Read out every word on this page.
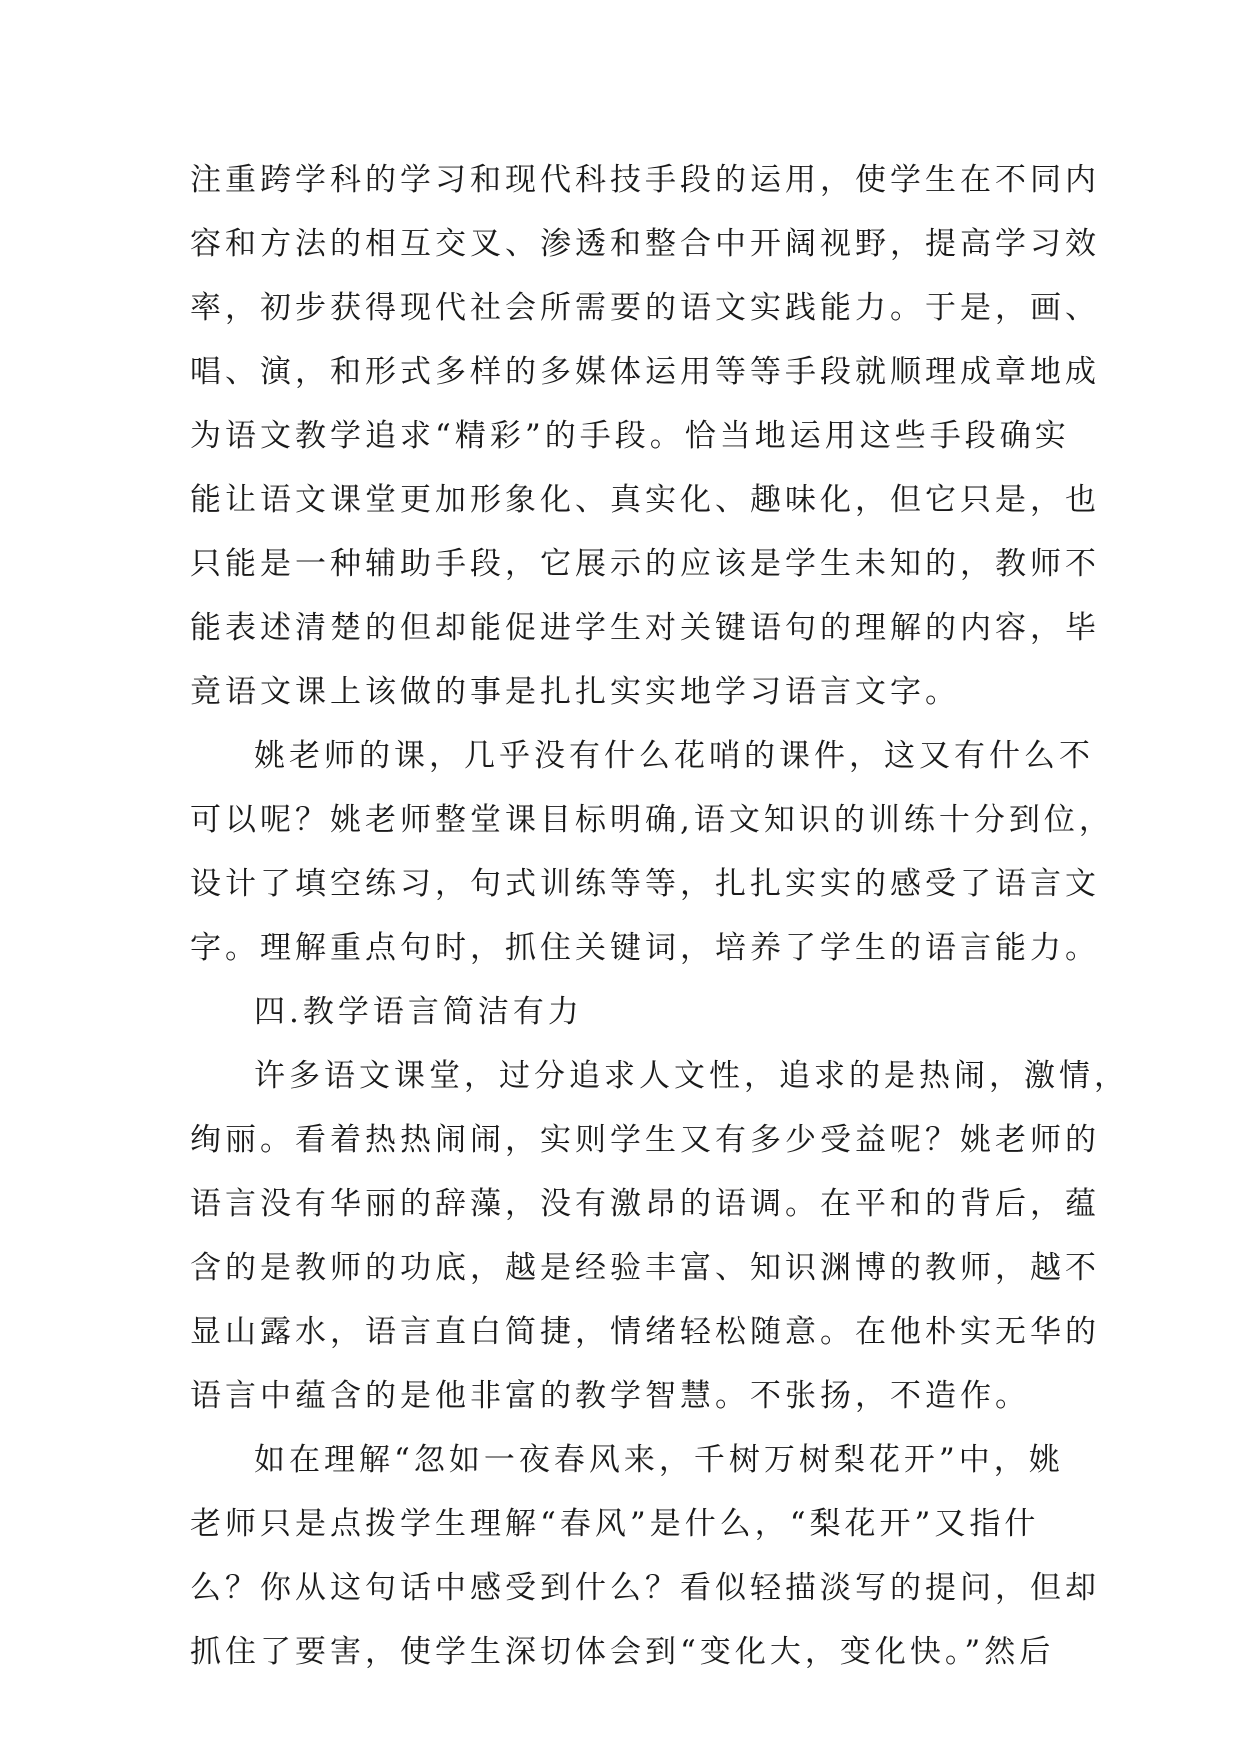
注重跨学科的学习和现代科技手段的运用，使学生在不同内
容和方法的相互交叉、渗透和整合中开阔视野，提高学习效
率，初步获得现代社会所需要的语文实践能力。于是，画、
唱、演，和形式多样的多媒体运用等等手段就顺理成章地成
为语文教学追求“精彩”的手段。恰当地运用这些手段确实
能让语文课堂更加形象化、真实化、趣味化，但它只是，也
只能是一种辅助手段，它展示的应该是学生未知的，教师不
能表述清楚的但却能促进学生对关键语句的理解的内容，毕
竟语文课上该做的事是扎扎实实地学习语言文字。
姚老师的课，几乎没有什么花哨的课件，这又有什么不
可以呢？姚老师整堂课目标明确,语文知识的训练十分到位，
设计了填空练习，句式训练等等，扎扎实实的感受了语言文
字。理解重点句时，抓住关键词，培养了学生的语言能力。
四.教学语言简洁有力
许多语文课堂，过分追求人文性，追求的是热闹，激情，
绚丽。看着热热闹闹，实则学生又有多少受益呢？姚老师的
语言没有华丽的辞藻，没有激昂的语调。在平和的背后，蕴
含的是教师的功底，越是经验丰富、知识渊博的教师，越不
显山露水，语言直白简捷，情绪轻松随意。在他朴实无华的
语言中蕴含的是他非富的教学智慧。不张扬，不造作。
如在理解“忽如一夜春风来，千树万树梨花开”中，姚
老师只是点拨学生理解“春风”是什么，“梨花开”又指什
么？你从这句话中感受到什么？看似轻描淡写的提问，但却
抓住了要害，使学生深切体会到“变化大，变化快。”然后
